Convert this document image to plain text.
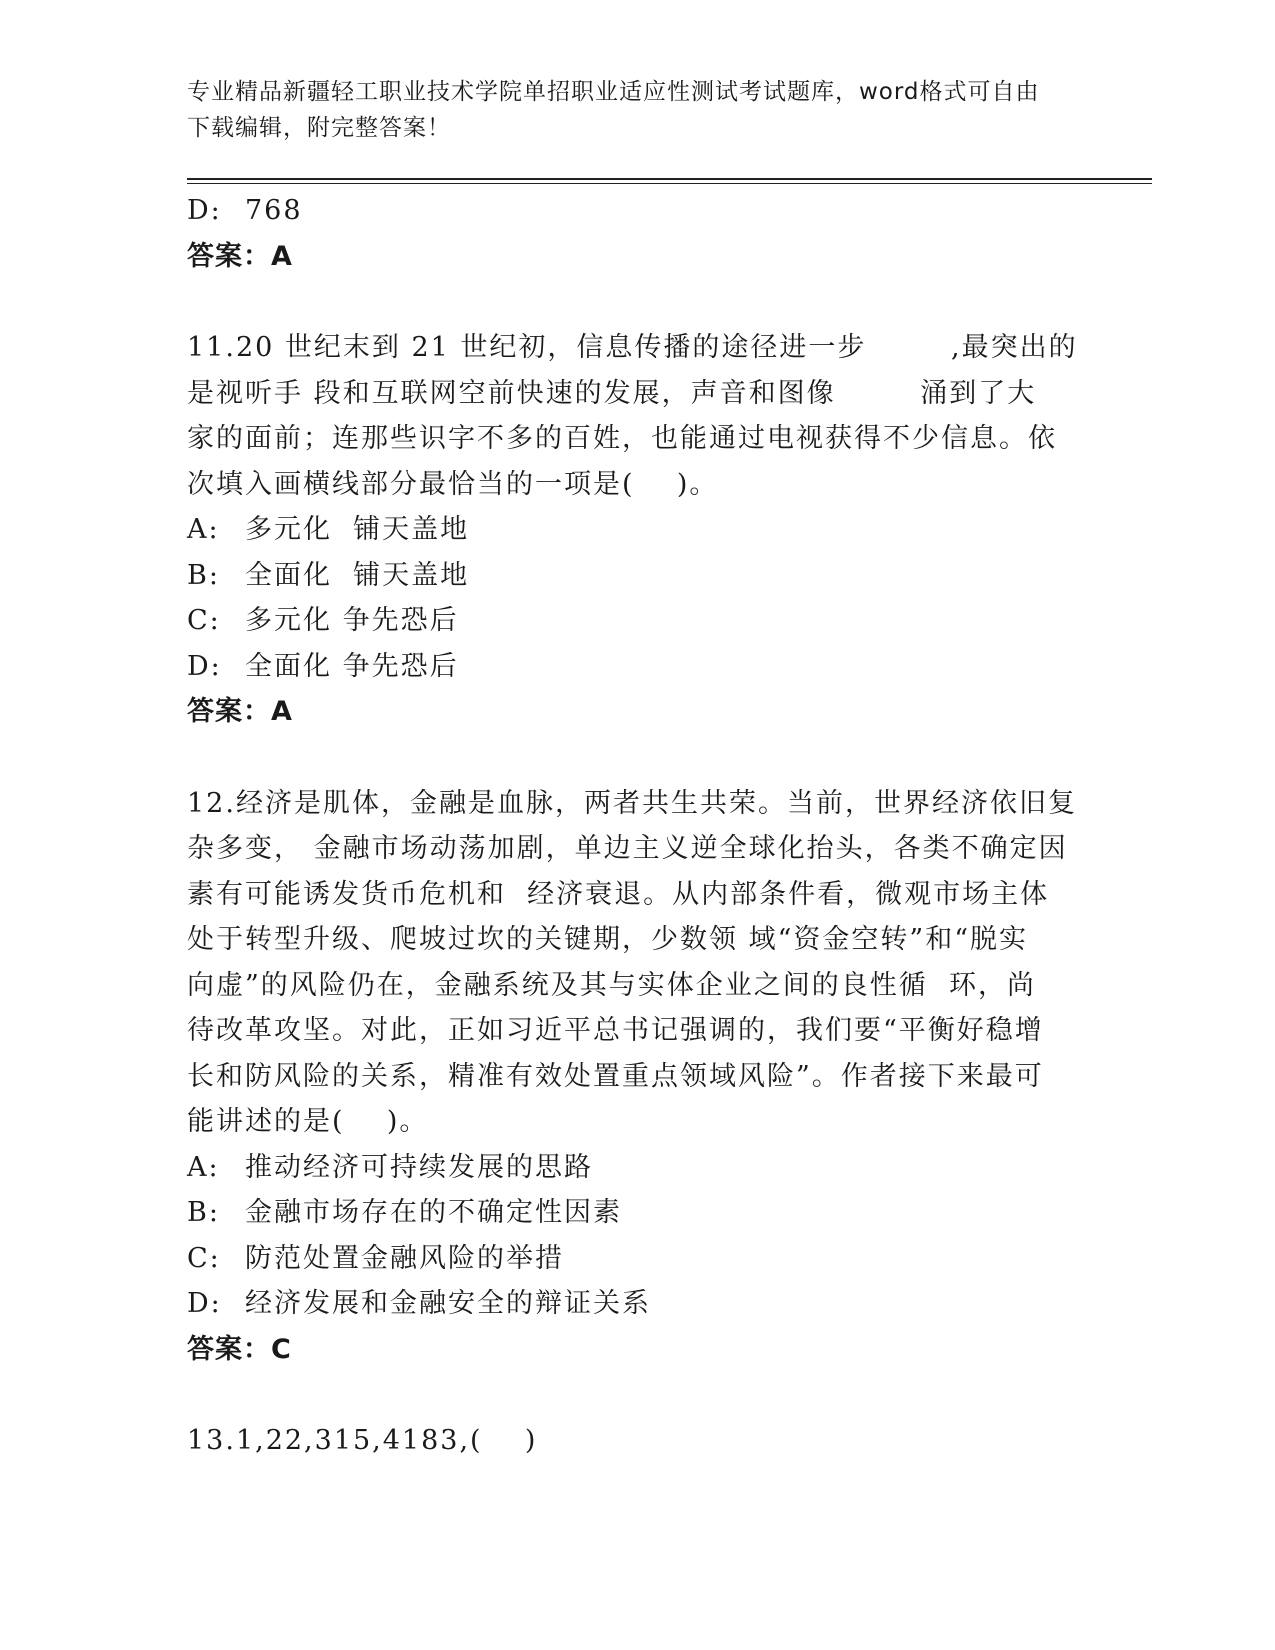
专业精品新疆轻工职业技术学院单招职业适应性测试考试题库，word格式可自由
下载编辑，附完整答案！
D: 768
答案：A
11.20 世纪末到 21 世纪初，信息传播的途径进一步        ,最突出的
是视听手 段和互联网空前快速的发展，声音和图像        涌到了大
家的面前；连那些识字不多的百姓，也能通过电视获得不少信息。依
次填入画横线部分最恰当的一项是(    )。
A: 多元化  铺天盖地
B: 全面化  铺天盖地
C: 多元化 争先恐后
D: 全面化 争先恐后
答案：A
12.经济是肌体，金融是血脉，两者共生共荣。当前，世界经济依旧复
杂多变， 金融市场动荡加剧，单边主义逆全球化抬头，各类不确定因
素有可能诱发货币危机和  经济衰退。从内部条件看，微观市场主体
处于转型升级、爬坡过坎的关键期，少数领 域“资金空转”和“脱实
向虚”的风险仍在，金融系统及其与实体企业之间的良性循  环，尚
待改革攻坚。对此，正如习近平总书记强调的，我们要“平衡好稳增
长和防风险的关系，精准有效处置重点领域风险”。作者接下来最可
能讲述的是(    )。
A: 推动经济可持续发展的思路
B: 金融市场存在的不确定性因素
C: 防范处置金融风险的举措
D: 经济发展和金融安全的辩证关系
答案：C
13.1,22,315,4183,(    )
